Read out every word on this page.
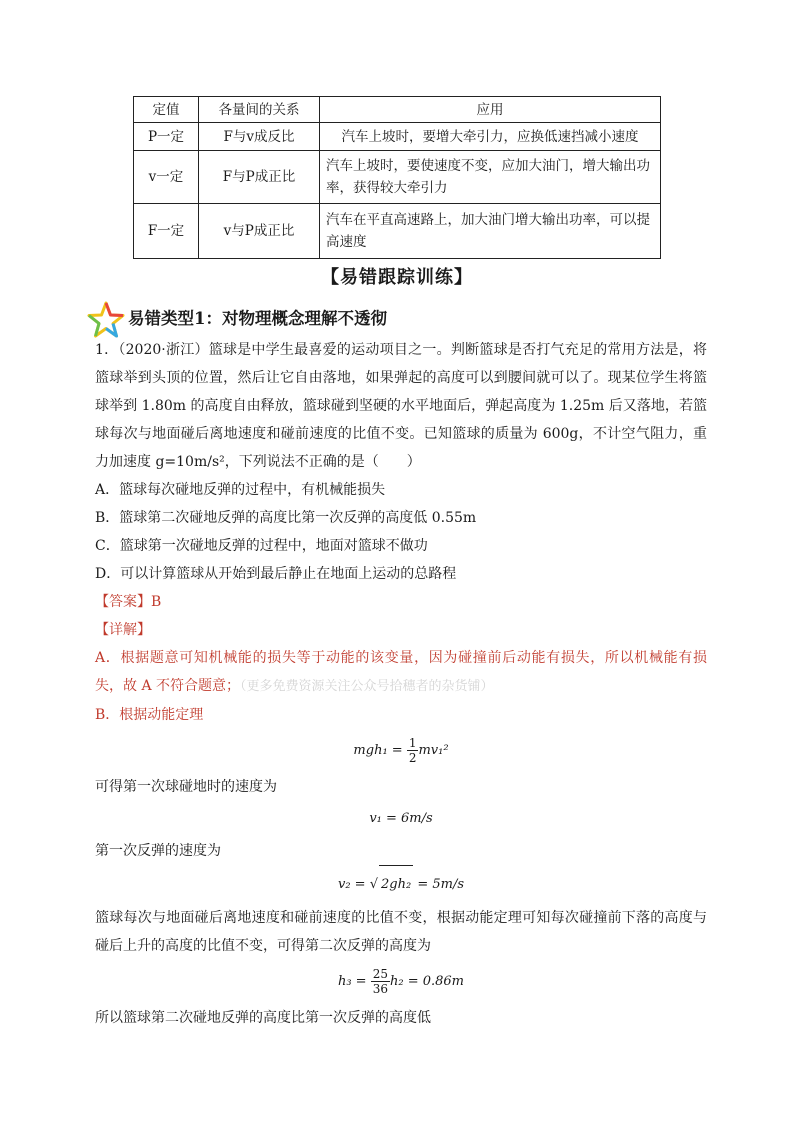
定值	各量间的关系	应用
P一定	F与v成反比	汽车上坡时，要增大牵引力，应换低速挡减小速度
v一定	F与P成正比	汽车上坡时，要使速度不变，应加大油门，增大输出功率，获得较大牵引力
F一定	v与P成正比	汽车在平直高速路上，加大油门增大输出功率，可以提高速度
【易错跟踪训练】
易错类型1：对物理概念理解不透彻

1．（2020·浙江）篮球是中学生最喜爱的运动项目之一。判断篮球是否打气充足的常用方法是，将篮球举到头顶的位置，然后让它自由落地，如果弹起的高度可以到腰间就可以了。现某位学生将篮球举到 1.80m 的高度自由释放，篮球碰到坚硬的水平地面后，弹起高度为 1.25m 后又落地，若篮球每次与地面碰后离地速度和碰前速度的比值不变。已知篮球的质量为 600g，不计空气阻力，重力加速度 g=10m/s²，下列说法不正确的是（　　）

A．篮球每次碰地反弹的过程中，有机械能损失

B．篮球第二次碰地反弹的高度比第一次反弹的高度低 0.55m

C．篮球第一次碰地反弹的过程中，地面对篮球不做功

D．可以计算篮球从开始到最后静止在地面上运动的总路程

【答案】B

【详解】

A．根据题意可知机械能的损失等于动能的该变量，因为碰撞前后动能有损失，所以机械能有损失，故 A 不符合题意；（更多免费资源关注公众号拾穗者的杂货铺）

B．根据动能定理

$mgh_1 = \frac{1}{2} mv_1^2$

可得第一次球碰地时的速度为

v₁ = 6m/s

第一次反弹的速度为

v₂ = √ 2gh₂ = 5m/s

篮球每次与地面碰后离地速度和碰前速度的比值不变，根据动能定理可知每次碰撞前下落的高度与碰后上升的高度的比值不变，可得第二次反弹的高度为

$h_3 = \frac{25}{36} h_2 = 0.86m$

所以篮球第二次碰地反弹的高度比第一次反弹的高度低
